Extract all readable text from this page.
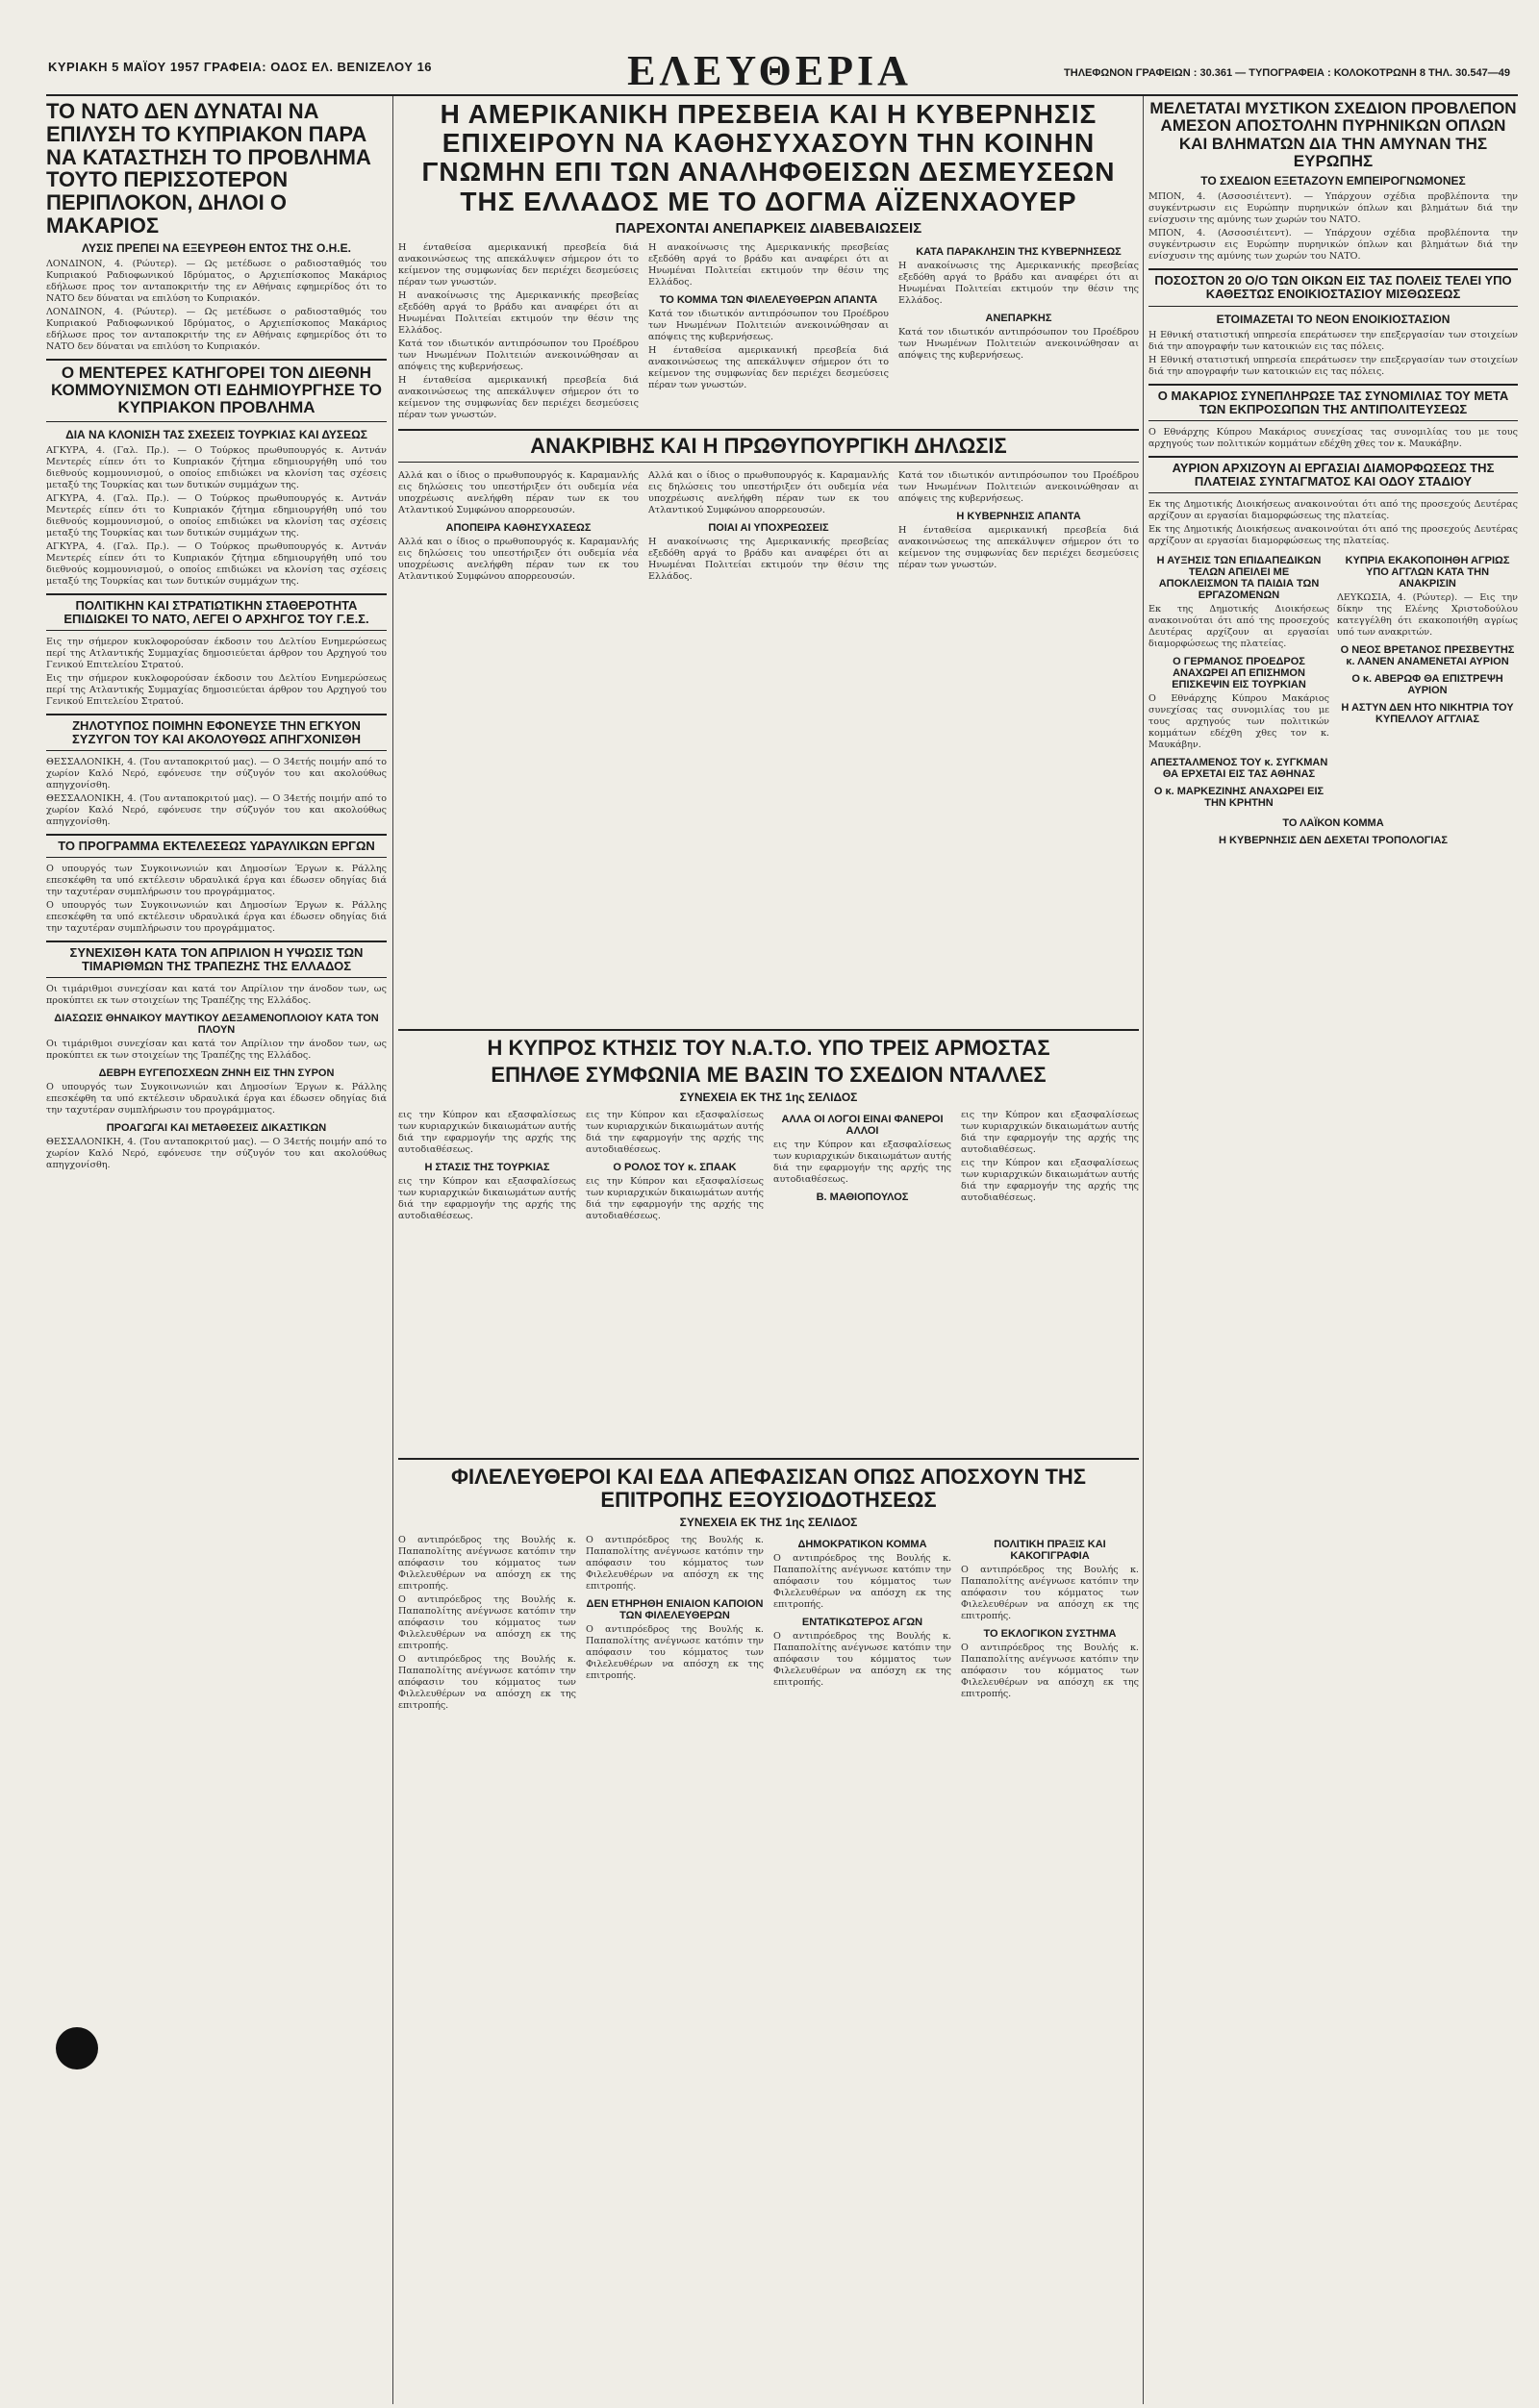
ΚΥΡΙΑΚΗ 5 ΜΑΪΟΥ 1957 ΓΡΑΦΕΙΑ: ΟΔΟΣ ΕΛ. ΒΕΝΙΖΕΛΟΥ 16	ΕΛΕΥΘΕΡΙΑ	ΤΗΛΕΦΩΝΟΝ ΓΡΑΦΕΙΩΝ : 30.361 — ΤΥΠΟΓΡΑΦΕΙΑ : ΚΟΛΟΚΟΤΡΩΝΗ 8 ΤΗΛ. 30.547—49
ΤΟ ΝΑΤΟ ΔΕΝ ΔΥΝΑΤΑΙ ΝΑ ΕΠΙΛΥΣΗ ΤΟ ΚΥΠΡΙΑΚΟΝ ΠΑΡΑ ΝΑ ΚΑΤΑΣΤΗΣΗ ΤΟ ΠΡΟΒΛΗΜΑ ΤΟΥΤΟ ΠΕΡΙΣΣΟΤΕΡΟΝ ΠΕΡΙΠΛΟΚΟΝ, ΔΗΛΟΙ Ο ΜΑΚΑΡΙΟΣ
ΛΥΣΙΣ ΠΡΕΠΕΙ ΝΑ ΕΞΕΥΡΕΘΗ ΕΝΤΟΣ ΤΗΣ Ο.Η.Ε.

ΛΟΝΔΙΝΟΝ, 4. (Ρώυτερ). — Ως μετέδωσε ο ραδιοσταθμός του Κυπριακού Ραδιοφωνικού Ιδρύματος, ο Αρχιεπίσκοπος Μακάριος εδήλωσε προς τον ανταποκριτήν της εν Αθήναις εφημερίδος ότι το ΝΑΤΟ δεν δύναται να επιλύση το Κυπριακόν.

ΛΟΝΔΙΝΟΝ, 4. (Ρώυτερ). — Ως μετέδωσε ο ραδιοσταθμός του Κυπριακού Ραδιοφωνικού Ιδρύματος, ο Αρχιεπίσκοπος Μακάριος εδήλωσε προς τον ανταποκριτήν της εν Αθήναις εφημερίδος ότι το ΝΑΤΟ δεν δύναται να επιλύση το Κυπριακόν.

Ο ΜΕΝΤΕΡΕΣ ΚΑΤΗΓΟΡΕΙ ΤΟΝ ΔΙΕΘΝΗ ΚΟΜΜΟΥΝΙΣΜΟΝ ΟΤΙ ΕΔΗΜΙΟΥΡΓΗΣΕ ΤΟ ΚΥΠΡΙΑΚΟΝ ΠΡΟΒΛΗΜΑ
ΔΙΑ ΝΑ ΚΛΟΝΙΣΗ ΤΑΣ ΣΧΕΣΕΙΣ ΤΟΥΡΚΙΑΣ ΚΑΙ ΔΥΣΕΩΣ

ΑΓΚΥΡΑ, 4. (Γαλ. Πρ.). — Ο Τούρκος πρωθυπουργός κ. Αντνάν Μεντερές είπεν ότι το Κυπριακόν ζήτημα εδημιουργήθη υπό του διεθνούς κομμουνισμού, ο οποίος επιδιώκει να κλονίση τας σχέσεις μεταξύ της Τουρκίας και των δυτικών συμμάχων της.

ΑΓΚΥΡΑ, 4. (Γαλ. Πρ.). — Ο Τούρκος πρωθυπουργός κ. Αντνάν Μεντερές είπεν ότι το Κυπριακόν ζήτημα εδημιουργήθη υπό του διεθνούς κομμουνισμού, ο οποίος επιδιώκει να κλονίση τας σχέσεις μεταξύ της Τουρκίας και των δυτικών συμμάχων της.

ΑΓΚΥΡΑ, 4. (Γαλ. Πρ.). — Ο Τούρκος πρωθυπουργός κ. Αντνάν Μεντερές είπεν ότι το Κυπριακόν ζήτημα εδημιουργήθη υπό του διεθνούς κομμουνισμού, ο οποίος επιδιώκει να κλονίση τας σχέσεις μεταξύ της Τουρκίας και των δυτικών συμμάχων της.

ΠΟΛΙΤΙΚΗΝ ΚΑΙ ΣΤΡΑΤΙΩΤΙΚΗΝ ΣΤΑΘΕΡΟΤΗΤΑ ΕΠΙΔΙΩΚΕΙ ΤΟ ΝΑΤΟ, ΛΕΓΕΙ Ο ΑΡΧΗΓΟΣ ΤΟΥ Γ.Ε.Σ.

Εις την σήμερον κυκλοφορούσαν έκδοσιν του Δελτίου Ενημερώσεως περί της Ατλαντικής Συμμαχίας δημοσιεύεται άρθρον του Αρχηγού του Γενικού Επιτελείου Στρατού.

Εις την σήμερον κυκλοφορούσαν έκδοσιν του Δελτίου Ενημερώσεως περί της Ατλαντικής Συμμαχίας δημοσιεύεται άρθρον του Αρχηγού του Γενικού Επιτελείου Στρατού.

ΖΗΛΟΤΥΠΟΣ ΠΟΙΜΗΝ ΕΦΟΝΕΥΣΕ ΤΗΝ ΕΓΚΥΟΝ ΣΥΖΥΓΟΝ ΤΟΥ ΚΑΙ ΑΚΟΛΟΥΘΩΣ ΑΠΗΓΧΟΝΙΣΘΗ

ΘΕΣΣΑΛΟΝΙΚΗ, 4. (Του ανταποκριτού μας). — Ο 34ετής ποιμήν από το χωρίον Καλό Νερό, εφόνευσε την σύζυγόν του και ακολούθως απηγχονίσθη.

ΘΕΣΣΑΛΟΝΙΚΗ, 4. (Του ανταποκριτού μας). — Ο 34ετής ποιμήν από το χωρίον Καλό Νερό, εφόνευσε την σύζυγόν του και ακολούθως απηγχονίσθη.

ΤΟ ΠΡΟΓΡΑΜΜΑ ΕΚΤΕΛΕΣΕΩΣ ΥΔΡΑΥΛΙΚΩΝ ΕΡΓΩΝ

Ο υπουργός των Συγκοινωνιών και Δημοσίων Έργων κ. Ράλλης επεσκέφθη τα υπό εκτέλεσιν υδραυλικά έργα και έδωσεν οδηγίας διά την ταχυτέραν συμπλήρωσιν του προγράμματος.

Ο υπουργός των Συγκοινωνιών και Δημοσίων Έργων κ. Ράλλης επεσκέφθη τα υπό εκτέλεσιν υδραυλικά έργα και έδωσεν οδηγίας διά την ταχυτέραν συμπλήρωσιν του προγράμματος.

ΣΥΝΕΧΙΣΘΗ ΚΑΤΑ ΤΟΝ ΑΠΡΙΛΙΟΝ Η ΥΨΩΣΙΣ ΤΩΝ ΤΙΜΑΡΙΘΜΩΝ ΤΗΣ ΤΡΑΠΕΖΗΣ ΤΗΣ ΕΛΛΑΔΟΣ

Οι τιμάριθμοι συνεχίσαν και κατά τον Απρίλιον την άνοδον των, ως προκύπτει εκ των στοιχείων της Τραπέζης της Ελλάδος.

ΔΙΑΣΩΣΙΣ ΘΗΝΑΙΚΟΥ ΜΑΥΤΙΚΟΥ ΔΕΞΑΜΕΝΟΠΛΟΙΟΥ ΚΑΤΑ ΤΟΝ ΠΛΟΥΝ

Οι τιμάριθμοι συνεχίσαν και κατά τον Απρίλιον την άνοδον των, ως προκύπτει εκ των στοιχείων της Τραπέζης της Ελλάδος.

ΔΕΒΡΗ ΕΥΓΕΠΟΣΧΕΩΝ ΖΗΝΗ ΕΙΣ ΤΗΝ ΣΥΡΟΝ

Ο υπουργός των Συγκοινωνιών και Δημοσίων Έργων κ. Ράλλης επεσκέφθη τα υπό εκτέλεσιν υδραυλικά έργα και έδωσεν οδηγίας διά την ταχυτέραν συμπλήρωσιν του προγράμματος.

ΠΡΟΑΓΩΓΑΙ ΚΑΙ ΜΕΤΑΘΕΣΕΙΣ ΔΙΚΑΣΤΙΚΩΝ

ΘΕΣΣΑΛΟΝΙΚΗ, 4. (Του ανταποκριτού μας). — Ο 34ετής ποιμήν από το χωρίον Καλό Νερό, εφόνευσε την σύζυγόν του και ακολούθως απηγχονίσθη.

Η ΑΜΕΡΙΚΑΝΙΚΗ ΠΡΕΣΒΕΙΑ ΚΑΙ Η ΚΥΒΕΡΝΗΣΙΣ ΕΠΙΧΕΙΡΟΥΝ ΝΑ ΚΑΘΗΣΥΧΑΣΟΥΝ ΤΗΝ ΚΟΙΝΗΝ ΓΝΩΜΗΝ ΕΠΙ ΤΩΝ ΑΝΑΛΗΦΘΕΙΣΩΝ ΔΕΣΜΕΥΣΕΩΝ ΤΗΣ ΕΛΛΑΔΟΣ ΜΕ ΤΟ ΔΟΓΜΑ ΑΪΖΕΝΧΑΟΥΕΡ
ΠΑΡΕΧΟΝΤΑΙ ΑΝΕΠΑΡΚΕΙΣ ΔΙΑΒΕΒΑΙΩΣΕΙΣ

Η ένταθείσα αμερικανική πρεσβεία διά ανακοινώσεως της απεκάλυψεν σήμερον ότι το κείμενον της συμφωνίας δεν περιέχει δεσμεύσεις πέραν των γνωστών.

Η ανακοίνωσις της Αμερικανικής πρεσβείας εξεδόθη αργά το βράδυ και αναφέρει ότι αι Ηνωμέναι Πολιτείαι εκτιμούν την θέσιν της Ελλάδος.

Κατά τον ιδιωτικόν αντιπρόσωπον του Προέδρου των Ηνωμένων Πολιτειών ανεκοινώθησαν αι απόψεις της κυβερνήσεως.

Η ένταθείσα αμερικανική πρεσβεία διά ανακοινώσεως της απεκάλυψεν σήμερον ότι το κείμενον της συμφωνίας δεν περιέχει δεσμεύσεις πέραν των γνωστών.

Η ανακοίνωσις της Αμερικανικής πρεσβείας εξεδόθη αργά το βράδυ και αναφέρει ότι αι Ηνωμέναι Πολιτείαι εκτιμούν την θέσιν της Ελλάδος.

ΤΟ ΚΟΜΜΑ ΤΩΝ ΦΙΛΕΛΕΥΘΕΡΩΝ ΑΠΑΝΤΑ

Κατά τον ιδιωτικόν αντιπρόσωπον του Προέδρου των Ηνωμένων Πολιτειών ανεκοινώθησαν αι απόψεις της κυβερνήσεως.

Η ένταθείσα αμερικανική πρεσβεία διά ανακοινώσεως της απεκάλυψεν σήμερον ότι το κείμενον της συμφωνίας δεν περιέχει δεσμεύσεις πέραν των γνωστών.

ΚΑΤΑ ΠΑΡΑΚΛΗΣΙΝ ΤΗΣ ΚΥΒΕΡΝΗΣΕΩΣ

Η ανακοίνωσις της Αμερικανικής πρεσβείας εξεδόθη αργά το βράδυ και αναφέρει ότι αι Ηνωμέναι Πολιτείαι εκτιμούν την θέσιν της Ελλάδος.

ΑΝΕΠΑΡΚΗΣ

Κατά τον ιδιωτικόν αντιπρόσωπον του Προέδρου των Ηνωμένων Πολιτειών ανεκοινώθησαν αι απόψεις της κυβερνήσεως.

ΑΝΑΚΡΙΒΗΣ ΚΑΙ Η ΠΡΩΘΥΠΟΥΡΓΙΚΗ ΔΗΛΩΣΙΣ

Αλλά και ο ίδιος ο πρωθυπουργός κ. Καραμανλής εις δηλώσεις του υπεστήριξεν ότι ουδεμία νέα υποχρέωσις ανελήφθη πέραν των εκ του Ατλαντικού Συμφώνου απορρεουσών.

ΑΠΟΠΕΙΡΑ ΚΑΘΗΣΥΧΑΣΕΩΣ

Αλλά και ο ίδιος ο πρωθυπουργός κ. Καραμανλής εις δηλώσεις του υπεστήριξεν ότι ουδεμία νέα υποχρέωσις ανελήφθη πέραν των εκ του Ατλαντικού Συμφώνου απορρεουσών.

Αλλά και ο ίδιος ο πρωθυπουργός κ. Καραμανλής εις δηλώσεις του υπεστήριξεν ότι ουδεμία νέα υποχρέωσις ανελήφθη πέραν των εκ του Ατλαντικού Συμφώνου απορρεουσών.

ΠΟΙΑΙ ΑΙ ΥΠΟΧΡΕΩΣΕΙΣ

Η ανακοίνωσις της Αμερικανικής πρεσβείας εξεδόθη αργά το βράδυ και αναφέρει ότι αι Ηνωμέναι Πολιτείαι εκτιμούν την θέσιν της Ελλάδος.

Κατά τον ιδιωτικόν αντιπρόσωπον του Προέδρου των Ηνωμένων Πολιτειών ανεκοινώθησαν αι απόψεις της κυβερνήσεως.

Η ΚΥΒΕΡΝΗΣΙΣ ΑΠΑΝΤΑ

Η ένταθείσα αμερικανική πρεσβεία διά ανακοινώσεως της απεκάλυψεν σήμερον ότι το κείμενον της συμφωνίας δεν περιέχει δεσμεύσεις πέραν των γνωστών.

Η ΚΥΠΡΟΣ ΚΤΗΣΙΣ ΤΟΥ Ν.Α.Τ.Ο. ΥΠΟ ΤΡΕΙΣ ΑΡΜΟΣΤΑΣ
ΕΠΗΛΘΕ ΣΥΜΦΩΝΙΑ ΜΕ ΒΑΣΙΝ ΤΟ ΣΧΕΔΙΟΝ ΝΤΑΛΛΕΣ
ΣΥΝΕΧΕΙΑ ΕΚ ΤΗΣ 1ης ΣΕΛΙΔΟΣ

εις την Κύπρον και εξασφαλίσεως των κυριαρχικών δικαιωμάτων αυτής διά την εφαρμογήν της αρχής της αυτοδιαθέσεως.

Η ΣΤΑΣΙΣ ΤΗΣ ΤΟΥΡΚΙΑΣ

εις την Κύπρον και εξασφαλίσεως των κυριαρχικών δικαιωμάτων αυτής διά την εφαρμογήν της αρχής της αυτοδιαθέσεως.

εις την Κύπρον και εξασφαλίσεως των κυριαρχικών δικαιωμάτων αυτής διά την εφαρμογήν της αρχής της αυτοδιαθέσεως.

Ο ΡΟΛΟΣ ΤΟΥ κ. ΣΠΑΑΚ

εις την Κύπρον και εξασφαλίσεως των κυριαρχικών δικαιωμάτων αυτής διά την εφαρμογήν της αρχής της αυτοδιαθέσεως.

ΑΛΛΑ ΟΙ ΛΟΓΟΙ ΕΙΝΑΙ ΦΑΝΕΡΟΙ ΑΛΛΟΙ

εις την Κύπρον και εξασφαλίσεως των κυριαρχικών δικαιωμάτων αυτής διά την εφαρμογήν της αρχής της αυτοδιαθέσεως.

Β. ΜΑΘΙΟΠΟΥΛΟΣ

εις την Κύπρον και εξασφαλίσεως των κυριαρχικών δικαιωμάτων αυτής διά την εφαρμογήν της αρχής της αυτοδιαθέσεως.

εις την Κύπρον και εξασφαλίσεως των κυριαρχικών δικαιωμάτων αυτής διά την εφαρμογήν της αρχής της αυτοδιαθέσεως.

ΦΙΛΕΛΕΥΘΕΡΟΙ ΚΑΙ ΕΔΑ ΑΠΕΦΑΣΙΣΑΝ ΟΠΩΣ ΑΠΟΣΧΟΥΝ ΤΗΣ ΕΠΙΤΡΟΠΗΣ ΕΞΟΥΣΙΟΔΟΤΗΣΕΩΣ
ΣΥΝΕΧΕΙΑ ΕΚ ΤΗΣ 1ης ΣΕΛΙΔΟΣ

Ο αντιπρόεδρος της Βουλής κ. Παπαπολίτης ανέγνωσε κατόπιν την απόφασιν του κόμματος των Φιλελευθέρων να απόσχη εκ της επιτροπής.

Ο αντιπρόεδρος της Βουλής κ. Παπαπολίτης ανέγνωσε κατόπιν την απόφασιν του κόμματος των Φιλελευθέρων να απόσχη εκ της επιτροπής.

Ο αντιπρόεδρος της Βουλής κ. Παπαπολίτης ανέγνωσε κατόπιν την απόφασιν του κόμματος των Φιλελευθέρων να απόσχη εκ της επιτροπής.

Ο αντιπρόεδρος της Βουλής κ. Παπαπολίτης ανέγνωσε κατόπιν την απόφασιν του κόμματος των Φιλελευθέρων να απόσχη εκ της επιτροπής.

ΔΕΝ ΕΤΗΡΗΘΗ ΕΝΙΑΙΟΝ ΚΑΠΟΙΟΝ ΤΩΝ ΦΙΛΕΛΕΥΘΕΡΩΝ

Ο αντιπρόεδρος της Βουλής κ. Παπαπολίτης ανέγνωσε κατόπιν την απόφασιν του κόμματος των Φιλελευθέρων να απόσχη εκ της επιτροπής.

ΔΗΜΟΚΡΑΤΙΚΟΝ ΚΟΜΜΑ

Ο αντιπρόεδρος της Βουλής κ. Παπαπολίτης ανέγνωσε κατόπιν την απόφασιν του κόμματος των Φιλελευθέρων να απόσχη εκ της επιτροπής.

ΕΝΤΑΤΙΚΩΤΕΡΟΣ ΑΓΩΝ

Ο αντιπρόεδρος της Βουλής κ. Παπαπολίτης ανέγνωσε κατόπιν την απόφασιν του κόμματος των Φιλελευθέρων να απόσχη εκ της επιτροπής.

ΠΟΛΙΤΙΚΗ ΠΡΑΞΙΣ ΚΑΙ ΚΑΚΟΓΙΓΡΑΦΙΑ

Ο αντιπρόεδρος της Βουλής κ. Παπαπολίτης ανέγνωσε κατόπιν την απόφασιν του κόμματος των Φιλελευθέρων να απόσχη εκ της επιτροπής.

ΤΟ ΕΚΛΟΓΙΚΟΝ ΣΥΣΤΗΜΑ

Ο αντιπρόεδρος της Βουλής κ. Παπαπολίτης ανέγνωσε κατόπιν την απόφασιν του κόμματος των Φιλελευθέρων να απόσχη εκ της επιτροπής.

ΜΕΛΕΤΑΤΑΙ ΜΥΣΤΙΚΟΝ ΣΧΕΔΙΟΝ ΠΡΟΒΛΕΠΟΝ ΑΜΕΣΟΝ ΑΠΟΣΤΟΛΗΝ ΠΥΡΗΝΙΚΩΝ ΟΠΛΩΝ ΚΑΙ ΒΛΗΜΑΤΩΝ ΔΙΑ ΤΗΝ ΑΜΥΝΑΝ ΤΗΣ ΕΥΡΩΠΗΣ
ΤΟ ΣΧΕΔΙΟΝ ΕΞΕΤΑΖΟΥΝ ΕΜΠΕΙΡΟΓΝΩΜΟΝΕΣ

ΜΠΟΝ, 4. (Ασσοσιέιτεντ). — Υπάρχουν σχέδια προβλέποντα την συγκέντρωσιν εις Ευρώπην πυρηνικών όπλων και βλημάτων διά την ενίσχυσιν της αμύνης των χωρών του ΝΑΤΟ.

ΜΠΟΝ, 4. (Ασσοσιέιτεντ). — Υπάρχουν σχέδια προβλέποντα την συγκέντρωσιν εις Ευρώπην πυρηνικών όπλων και βλημάτων διά την ενίσχυσιν της αμύνης των χωρών του ΝΑΤΟ.

ΠΟΣΟΣΤΟΝ 20 Ο/Ο ΤΩΝ ΟΙΚΩΝ ΕΙΣ ΤΑΣ ΠΟΛΕΙΣ ΤΕΛΕΙ ΥΠΟ ΚΑΘΕΣΤΩΣ ΕΝΟΙΚΙΟΣΤΑΣΙΟΥ ΜΙΣΘΩΣΕΩΣ
ΕΤΟΙΜΑΖΕΤΑΙ ΤΟ ΝΕΟΝ ΕΝΟΙΚΙΟΣΤΑΣΙΟΝ

Η Εθνική στατιστική υπηρεσία επεράτωσεν την επεξεργασίαν των στοιχείων διά την απογραφήν των κατοικιών εις τας πόλεις.

Η Εθνική στατιστική υπηρεσία επεράτωσεν την επεξεργασίαν των στοιχείων διά την απογραφήν των κατοικιών εις τας πόλεις.

Ο ΜΑΚΑΡΙΟΣ ΣΥΝΕΠΛΗΡΩΣΕ ΤΑΣ ΣΥΝΟΜΙΛΙΑΣ ΤΟΥ ΜΕΤΑ ΤΩΝ ΕΚΠΡΟΣΩΠΩΝ ΤΗΣ ΑΝΤΙΠΟΛΙΤΕΥΣΕΩΣ

Ο Εθνάρχης Κύπρου Μακάριος συνεχίσας τας συνομιλίας του με τους αρχηγούς των πολιτικών κομμάτων εδέχθη χθες τον κ. Μαυκάβην.

ΑΥΡΙΟΝ ΑΡΧΙΖΟΥΝ ΑΙ ΕΡΓΑΣΙΑΙ ΔΙΑΜΟΡΦΩΣΕΩΣ ΤΗΣ ΠΛΑΤΕΙΑΣ ΣΥΝΤΑΓΜΑΤΟΣ ΚΑΙ ΟΔΟΥ ΣΤΑΔΙΟΥ

Εκ της Δημοτικής Διοικήσεως ανακοινούται ότι από της προσεχούς Δευτέρας αρχίζουν αι εργασίαι διαμορφώσεως της πλατείας.

Εκ της Δημοτικής Διοικήσεως ανακοινούται ότι από της προσεχούς Δευτέρας αρχίζουν αι εργασίαι διαμορφώσεως της πλατείας.

Η ΑΥΞΗΣΙΣ ΤΩΝ ΕΠΙΔΑΠΕΔΙΚΩΝ ΤΕΛΩΝ ΑΠΕΙΛΕΙ ΜΕ ΑΠΟΚΛΕΙΣΜΟΝ ΤΑ ΠΑΙΔΙΑ ΤΩΝ ΕΡΓΑΖΟΜΕΝΩΝ

Εκ της Δημοτικής Διοικήσεως ανακοινούται ότι από της προσεχούς Δευτέρας αρχίζουν αι εργασίαι διαμορφώσεως της πλατείας.

Ο ΓΕΡΜΑΝΟΣ ΠΡΟΕΔΡΟΣ ΑΝΑΧΩΡΕΙ ΑΠ ΕΠΙΣΗΜΟΝ ΕΠΙΣΚΕΨΙΝ ΕΙΣ ΤΟΥΡΚΙΑΝ

Ο Εθνάρχης Κύπρου Μακάριος συνεχίσας τας συνομιλίας του με τους αρχηγούς των πολιτικών κομμάτων εδέχθη χθες τον κ. Μαυκάβην.

ΑΠΕΣΤΑΛΜΕΝΟΣ ΤΟΥ κ. ΣΥΓΚΜΑΝ ΘΑ ΕΡΧΕΤΑΙ ΕΙΣ ΤΑΣ ΑΘΗΝΑΣ
Ο κ. ΜΑΡΚΕΖΙΝΗΣ ΑΝΑΧΩΡΕΙ ΕΙΣ ΤΗΝ ΚΡΗΤΗΝ
ΚΥΠΡΙΑ ΕΚΑΚΟΠΟΙΗΘΗ ΑΓΡΙΩΣ ΥΠΟ ΑΓΓΛΩΝ ΚΑΤΑ ΤΗΝ ΑΝΑΚΡΙΣΙΝ

ΛΕΥΚΩΣΙΑ, 4. (Ρώυτερ). — Εις την δίκην της Ελένης Χριστοδούλου κατεγγέλθη ότι εκακοποιήθη αγρίως υπό των ανακριτών.

Ο ΝΕΟΣ ΒΡΕΤΑΝΟΣ ΠΡΕΣΒΕΥΤΗΣ κ. ΛΑΝΕΝ ΑΝΑΜΕΝΕΤΑΙ ΑΥΡΙΟΝ
Ο κ. ΑΒΕΡΩΦ ΘΑ ΕΠΙΣΤΡΕΨΗ ΑΥΡΙΟΝ
Η ΑΣΤΥΝ ΔΕΝ ΗΤΟ ΝΙΚΗΤΡΙΑ ΤΟΥ ΚΥΠΕΛΛΟΥ ΑΓΓΛΙΑΣ
ΤΟ ΛΑΪΚΟΝ ΚΟΜΜΑ
Η ΚΥΒΕΡΝΗΣΙΣ ΔΕΝ ΔΕΧΕΤΑΙ ΤΡΟΠΟΛΟΓΙΑΣ
